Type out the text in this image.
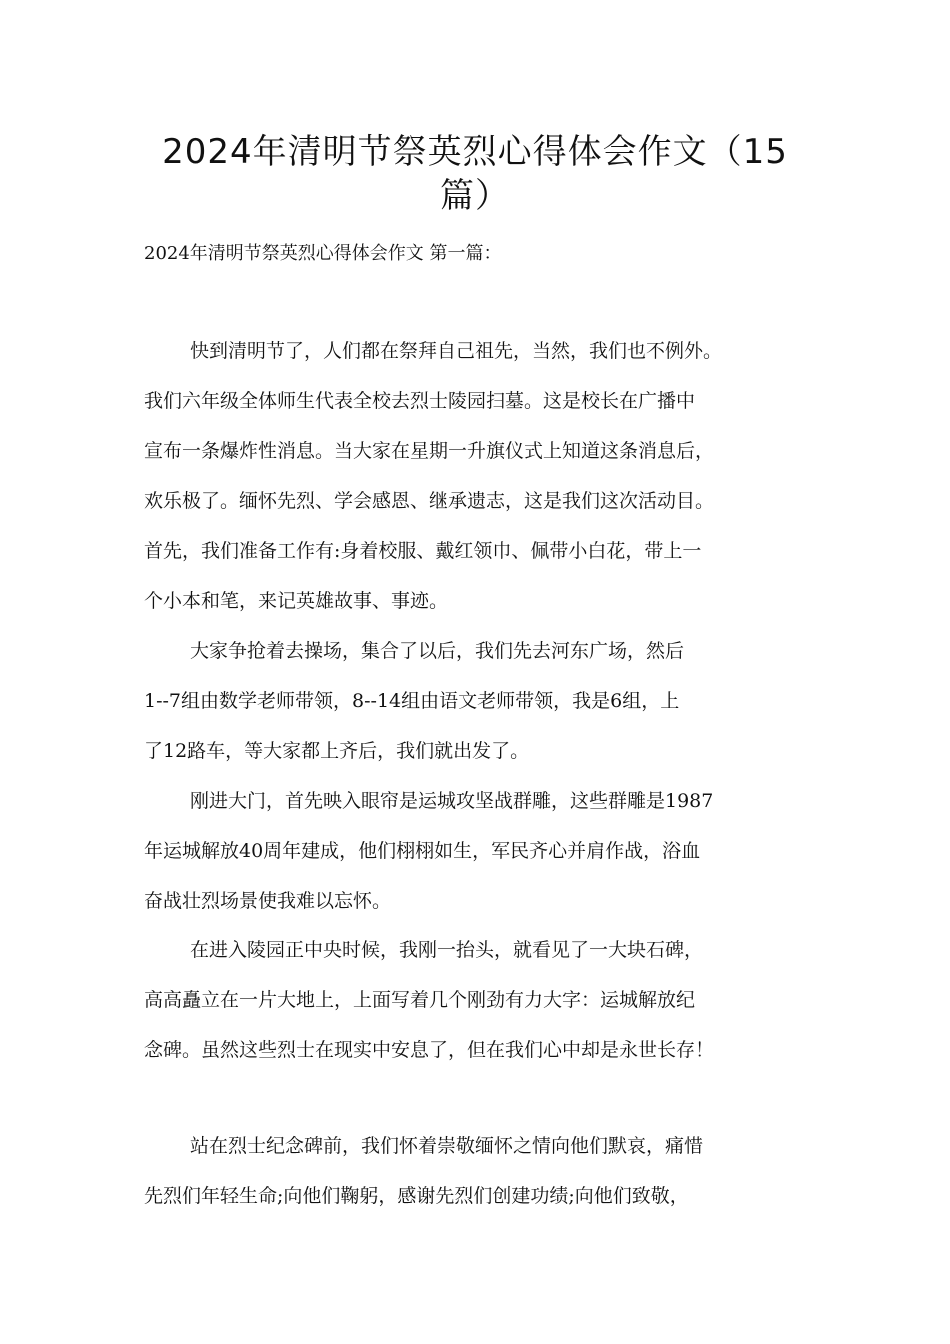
2024年清明节祭英烈心得体会作文（15
篇）

2024年清明节祭英烈心得体会作文 第一篇：

快到清明节了，人们都在祭拜自己祖先，当然，我们也不例外。
我们六年级全体师生代表全校去烈士陵园扫墓。这是校长在广播中
宣布一条爆炸性消息。当大家在星期一升旗仪式上知道这条消息后，
欢乐极了。缅怀先烈、学会感恩、继承遗志，这是我们这次活动目。
首先，我们准备工作有:身着校服、戴红领巾、佩带小白花，带上一
个小本和笔，来记英雄故事、事迹。

大家争抢着去操场，集合了以后，我们先去河东广场，然后
1--7组由数学老师带领，8--14组由语文老师带领，我是6组，上
了12路车，等大家都上齐后，我们就出发了。

刚进大门，首先映入眼帘是运城攻坚战群雕，这些群雕是1987
年运城解放40周年建成，他们栩栩如生，军民齐心并肩作战，浴血
奋战壮烈场景使我难以忘怀。

在进入陵园正中央时候，我刚一抬头，就看见了一大块石碑，
高高矗立在一片大地上，上面写着几个刚劲有力大字：运城解放纪
念碑。虽然这些烈士在现实中安息了，但在我们心中却是永世长存！

站在烈士纪念碑前，我们怀着崇敬缅怀之情向他们默哀，痛惜
先烈们年轻生命;向他们鞠躬，感谢先烈们创建功绩;向他们致敬，
